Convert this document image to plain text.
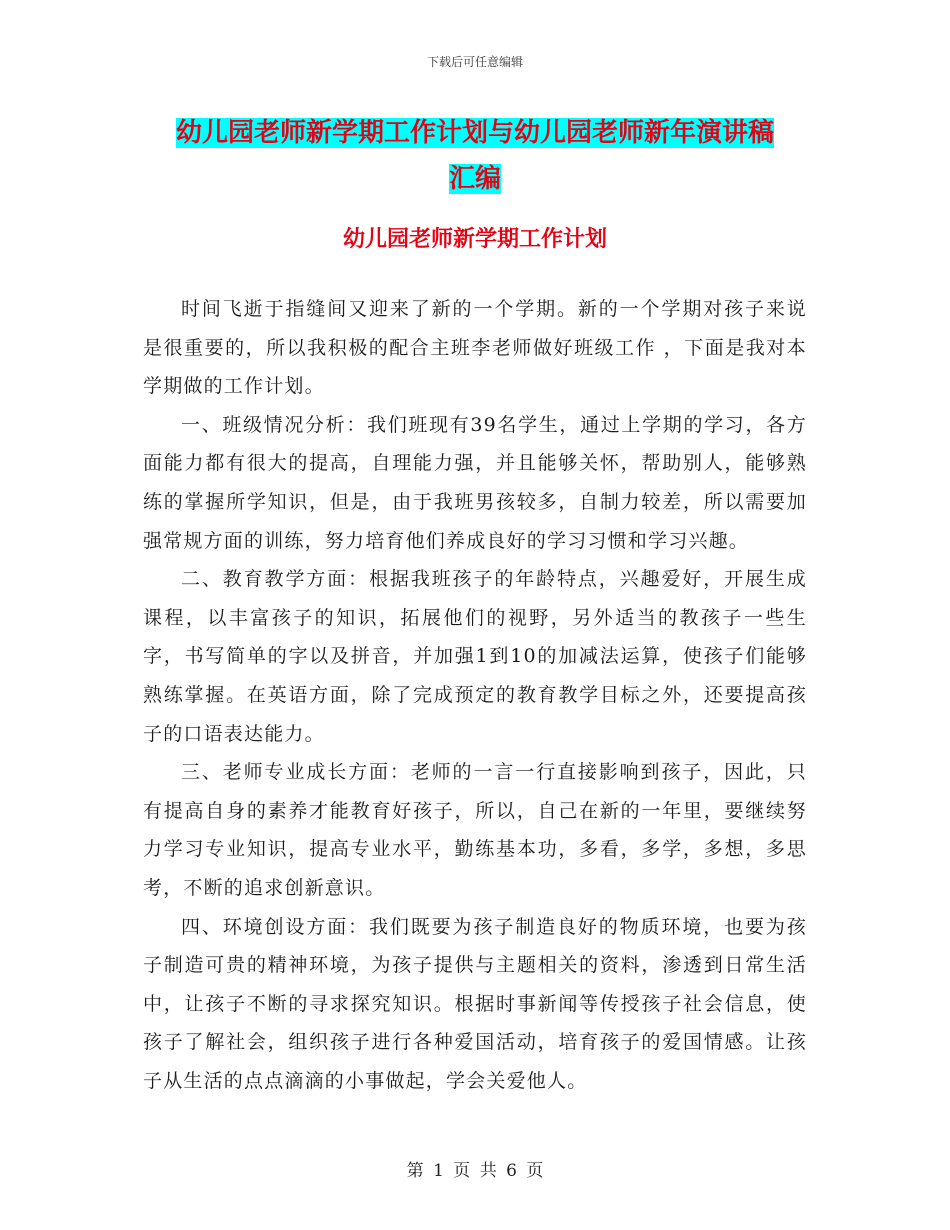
下载后可任意编辑
幼儿园老师新学期工作计划与幼儿园老师新年演讲稿
汇编
幼儿园老师新学期工作计划

时间飞逝于指缝间又迎来了新的一个学期。新的一个学期对孩子来说是很重要的，所以我积极的配合主班李老师做好班级工作 ，下面是我对本学期做的工作计划。

一、班级情况分析：我们班现有39名学生，通过上学期的学习，各方面能力都有很大的提高，自理能力强，并且能够关怀，帮助别人，能够熟练的掌握所学知识，但是，由于我班男孩较多，自制力较差，所以需要加强常规方面的训练，努力培育他们养成良好的学习习惯和学习兴趣。

二、教育教学方面：根据我班孩子的年龄特点，兴趣爱好，开展生成课程，以丰富孩子的知识，拓展他们的视野，另外适当的教孩子一些生字，书写简单的字以及拼音，并加强1到10的加减法运算，使孩子们能够熟练掌握。在英语方面，除了完成预定的教育教学目标之外，还要提高孩子的口语表达能力。

三、老师专业成长方面：老师的一言一行直接影响到孩子，因此，只有提高自身的素养才能教育好孩子，所以，自己在新的一年里，要继续努力学习专业知识，提高专业水平，勤练基本功，多看，多学，多想，多思考，不断的追求创新意识。

四、环境创设方面：我们既要为孩子制造良好的物质环境，也要为孩子制造可贵的精神环境，为孩子提供与主题相关的资料，渗透到日常生活中，让孩子不断的寻求探究知识。根据时事新闻等传授孩子社会信息，使孩子了解社会，组织孩子进行各种爱国活动，培育孩子的爱国情感。让孩子从生活的点点滴滴的小事做起，学会关爱他人。

第 1 页 共 6 页
